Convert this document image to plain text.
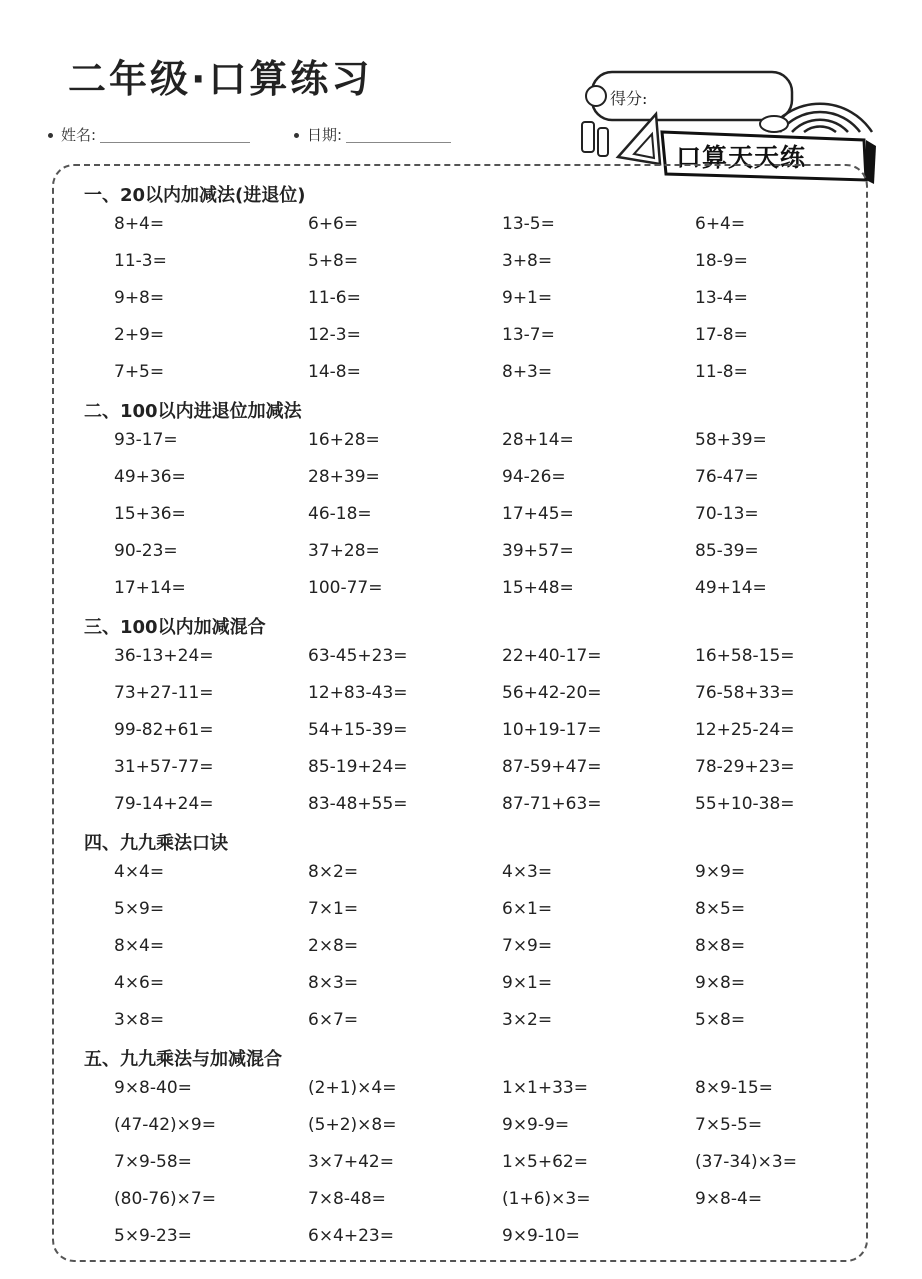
二年级·口算练习
姓名:	日期:
得分:
口算天天练
一、20以内加减法(进退位)
8+4=	6+6=	13-5=	6+4=
11-3=	5+8=	3+8=	18-9=
9+8=	11-6=	9+1=	13-4=
2+9=	12-3=	13-7=	17-8=
7+5=	14-8=	8+3=	11-8=
二、100以内进退位加减法
93-17=	16+28=	28+14=	58+39=
49+36=	28+39=	94-26=	76-47=
15+36=	46-18=	17+45=	70-13=
90-23=	37+28=	39+57=	85-39=
17+14=	100-77=	15+48=	49+14=
三、100以内加减混合
36-13+24=	63-45+23=	22+40-17=	16+58-15=
73+27-11=	12+83-43=	56+42-20=	76-58+33=
99-82+61=	54+15-39=	10+19-17=	12+25-24=
31+57-77=	85-19+24=	87-59+47=	78-29+23=
79-14+24=	83-48+55=	87-71+63=	55+10-38=
四、九九乘法口诀
4×4=	8×2=	4×3=	9×9=
5×9=	7×1=	6×1=	8×5=
8×4=	2×8=	7×9=	8×8=
4×6=	8×3=	9×1=	9×8=
3×8=	6×7=	3×2=	5×8=
五、九九乘法与加减混合
9×8-40=	(2+1)×4=	1×1+33=	8×9-15=
(47-42)×9=	(5+2)×8=	9×9-9=	7×5-5=
7×9-58=	3×7+42=	1×5+62=	(37-34)×3=
(80-76)×7=	7×8-48=	(1+6)×3=	9×8-4=
5×9-23=	6×4+23=	9×9-10=
